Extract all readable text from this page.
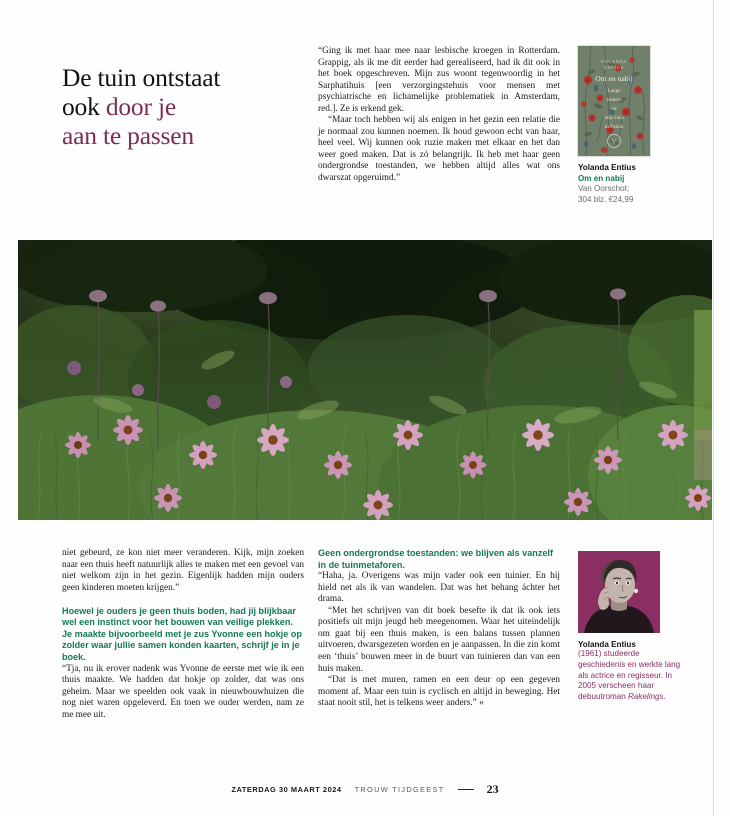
De tuin ontstaat
ook door je
aan te passen

“Ging ik met haar mee naar lesbische kroegen in Rotterdam. Grappig, als ik me dit eerder had gerealiseerd, had ik dit ook in het boek opgeschreven. Mijn zus woont tegenwoordig in het Sarphatihuis [een verzorgingstehuis voor mensen met psychiatrische en lichamelijke problematiek in Amsterdam, red.]. Ze is erkend gek.

“Maar toch hebben wij als enigen in het gezin een relatie die je normaal zou kunnen noemen. Ik houd gewoon echt van haar, heel veel. Wij kunnen ook ruzie maken met elkaar en het dan weer goed maken. Dat is zó belangrijk. Ik heb met haar geen ondergrondse toestanden, we hebben altijd alles wat ons dwarszat opgeruimd.”

YOLANDA
ENTIUS
Om en nabij
Lange
zomers
en
mijn huis
in Funda
V
Yolanda Entius
Om en nabij
Van Oorschot;
304 blz. €24,99

niet gebeurd, ze kon niet meer veranderen. Kijk, mijn zoeken naar een thuis heeft natuurlijk alles te maken met een gevoel van niet welkom zijn in het gezin. Eigenlijk hadden mijn ouders geen kinderen moeten krijgen.”

Hoewel je ouders je geen thuis boden, had jij blijkbaar wel een instinct voor het bouwen van veilige plekken. Je maakte bijvoorbeeld met je zus Yvonne een hokje op zolder waar jullie samen konden kaarten, schrijf je in je boek.

“Tja, nu ik erover nadenk was Yvonne de eerste met wie ik een thuis maakte. We hadden dat hokje op zolder, dat was ons geheim. Maar we speelden ook vaak in nieuwbouwhuizen die nog niet waren opgeleverd. En toen we ouder werden, nam ze me mee uit.

Geen ondergrondse toestanden: we blijven als vanzelf in de tuinmetaforen.

“Haha, ja. Overigens was mijn vader ook een tuinier. En hij hield net als ik van wandelen. Dat was het behang áchter het drama.

“Met het schrijven van dit boek besefte ik dat ik ook iets positiefs uit mijn jeugd heb meegenomen. Waar het uiteindelijk om gaat bij een thuis maken, is een balans tussen plannen uitvoeren, dwarsgezeten worden en je aanpassen. In die zin komt een ‘thuis’ bouwen meer in de buurt van tuinieren dan van een huis maken.

“Dat is met muren, ramen en een deur op een gegeven moment af. Maar een tuin is cyclisch en altijd in beweging. Het staat nooit stil, het is telkens weer anders.” «

Yolanda Entius
(1961) studeerde geschiedenis en werkte lang als actrice en regisseur. In 2005 verscheen haar debuutroman Rakelings.
ZATERDAG 30 MAART 2024 TROUW TIJDGEEST	23
